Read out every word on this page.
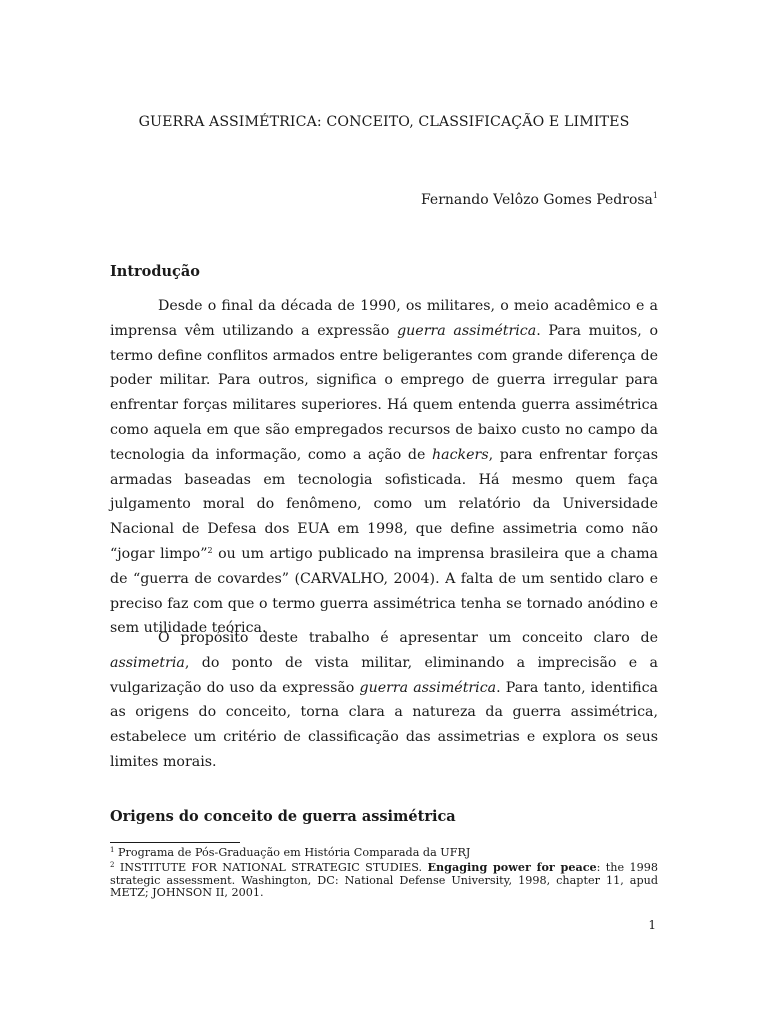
GUERRA ASSIMÉTRICA: CONCEITO, CLASSIFICAÇÃO E LIMITES

Fernando Velôzo Gomes Pedrosa$^1$

Introdução

Desde o final da década de 1990, os militares, o meio acadêmico e a imprensa vêm utilizando a expressão guerra assimétrica. Para muitos, o termo define conflitos armados entre beligerantes com grande diferença de poder militar. Para outros, significa o emprego de guerra irregular para enfrentar forças militares superiores. Há quem entenda guerra assimétrica como aquela em que são empregados recursos de baixo custo no campo da tecnologia da informação, como a ação de hackers, para enfrentar forças armadas baseadas em tecnologia sofisticada. Há mesmo quem faça julgamento moral do fenômeno, como um relatório da Universidade Nacional de Defesa dos EUA em 1998, que define assimetria como não “jogar limpo”$^2$ ou um artigo publicado na imprensa brasileira que a chama de “guerra de covardes” (CARVALHO, 2004). A falta de um sentido claro e preciso faz com que o termo guerra assimétrica tenha se tornado anódino e sem utilidade teórica.

O propósito deste trabalho é apresentar um conceito claro de assimetria, do ponto de vista militar, eliminando a imprecisão e a vulgarização do uso da expressão guerra assimétrica. Para tanto, identifica as origens do conceito, torna clara a natureza da guerra assimétrica, estabelece um critério de classificação das assimetrias e explora os seus limites morais.

Origens do conceito de guerra assimétrica

$^1$ Programa de Pós-Graduação em História Comparada da UFRJ

$^2$ INSTITUTE FOR NATIONAL STRATEGIC STUDIES. Engaging power for peace: the 1998 strategic assessment. Washington, DC: National Defense University, 1998, chapter 11, apud METZ; JOHNSON II, 2001.

1
